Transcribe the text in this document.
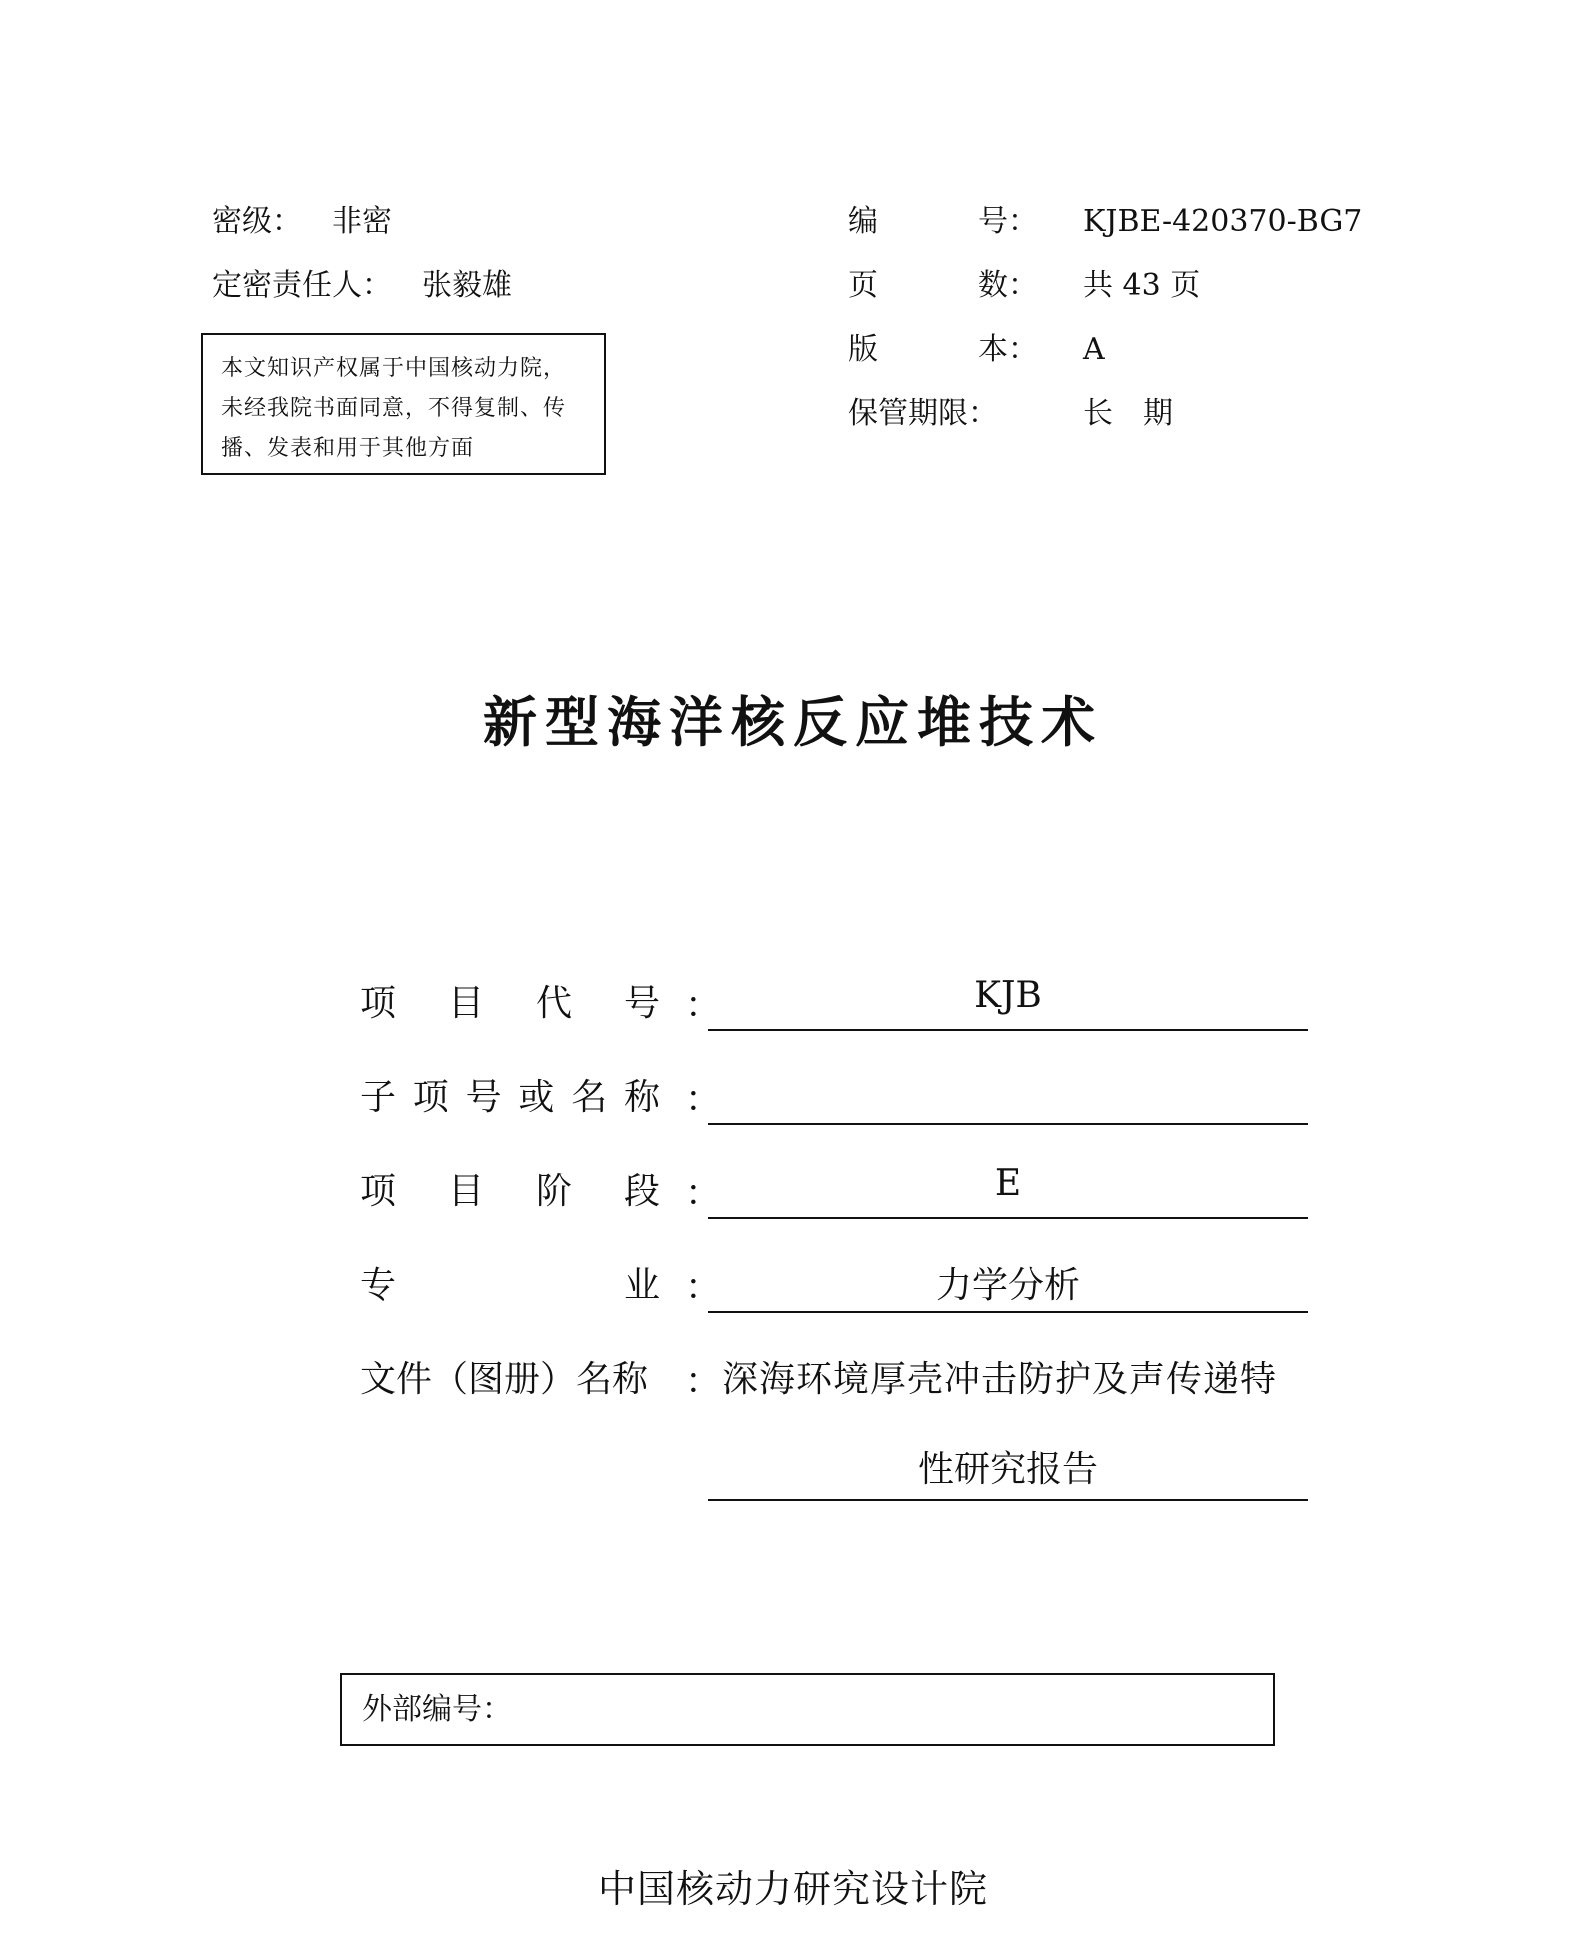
密级： 非密
定密责任人： 张毅雄
本文知识产权属于中国核动力院，
未经我院书面同意，不得复制、传
播、发表和用于其他方面
编	号： KJBE-420370-BG7
页	数： 共 43 页
版	本： A
保管期限：	长　期
新型海洋核反应堆技术
项 目 代 号 ：	KJB
子 项 号 或 名 称 ：
项 目 阶 段 ：	E
专	业 ：	力学分析
文件（图册）名称	： 深海环境厚壳冲击防护及声传递特
性研究报告
外部编号：
中国核动力研究设计院
